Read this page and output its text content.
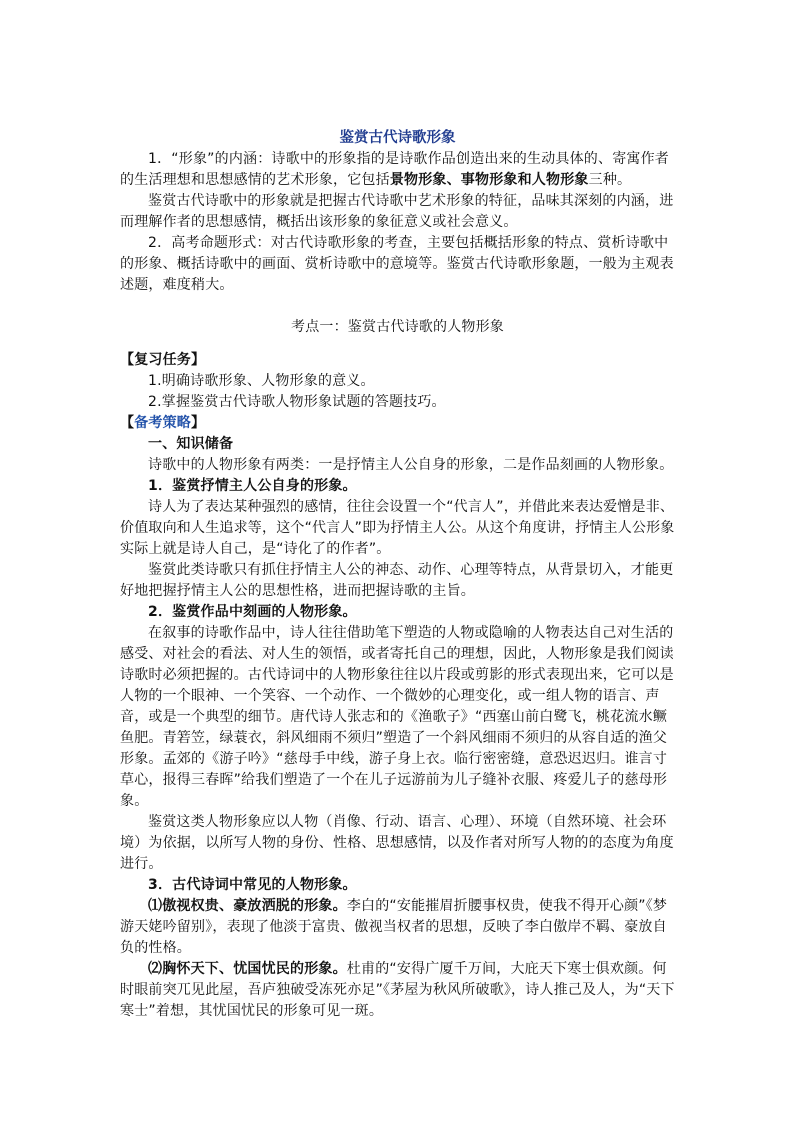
鉴赏古代诗歌形象

1．“形象”的内涵：诗歌中的形象指的是诗歌作品创造出来的生动具体的、寄寓作者的生活理想和思想感情的艺术形象，它包括景物形象、事物形象和人物形象三种。

鉴赏古代诗歌中的形象就是把握古代诗歌中艺术形象的特征，品味其深刻的内涵，进而理解作者的思想感情，概括出该形象的象征意义或社会意义。

2．高考命题形式：对古代诗歌形象的考查，主要包括概括形象的特点、赏析诗歌中的形象、概括诗歌中的画面、赏析诗歌中的意境等。鉴赏古代诗歌形象题，一般为主观表述题，难度稍大。

考点一：鉴赏古代诗歌的人物形象

【复习任务】

1.明确诗歌形象、人物形象的意义。

2.掌握鉴赏古代诗歌人物形象试题的答题技巧。

【备考策略】

一、知识储备

诗歌中的人物形象有两类：一是抒情主人公自身的形象，二是作品刻画的人物形象。

1．鉴赏抒情主人公自身的形象。

诗人为了表达某种强烈的感情，往往会设置一个“代言人”，并借此来表达爱憎是非、价值取向和人生追求等，这个“代言人”即为抒情主人公。从这个角度讲，抒情主人公形象实际上就是诗人自己，是“诗化了的作者”。

鉴赏此类诗歌只有抓住抒情主人公的神态、动作、心理等特点，从背景切入，才能更好地把握抒情主人公的思想性格，进而把握诗歌的主旨。

2．鉴赏作品中刻画的人物形象。

在叙事的诗歌作品中，诗人往往借助笔下塑造的人物或隐喻的人物表达自己对生活的感受、对社会的看法、对人生的领悟，或者寄托自己的理想，因此，人物形象是我们阅读诗歌时必须把握的。古代诗词中的人物形象往往以片段或剪影的形式表现出来，它可以是人物的一个眼神、一个笑容、一个动作、一个微妙的心理变化，或一组人物的语言、声音，或是一个典型的细节。唐代诗人张志和的《渔歌子》“西塞山前白鹭飞，桃花流水鳜鱼肥。青箬笠，绿蓑衣，斜风细雨不须归”塑造了一个斜风细雨不须归的从容自适的渔父形象。孟郊的《游子吟》“慈母手中线，游子身上衣。临行密密缝，意恐迟迟归。谁言寸草心，报得三春晖”给我们塑造了一个在儿子远游前为儿子缝补衣服、疼爱儿子的慈母形象。

鉴赏这类人物形象应以人物（肖像、行动、语言、心理）、环境（自然环境、社会环境）为依据，以所写人物的身份、性格、思想感情，以及作者对所写人物的的态度为角度进行。

3．古代诗词中常见的人物形象。

⑴傲视权贵、豪放洒脱的形象。李白的“安能摧眉折腰事权贵，使我不得开心颜”《梦游天姥吟留别》，表现了他淡于富贵、傲视当权者的思想，反映了李白傲岸不羁、豪放自负的性格。

⑵胸怀天下、忧国忧民的形象。杜甫的“安得广厦千万间，大庇天下寒士俱欢颜。何时眼前突兀见此屋，吾庐独破受冻死亦足”《茅屋为秋风所破歌》，诗人推己及人，为“天下寒士”着想，其忧国忧民的形象可见一斑。
